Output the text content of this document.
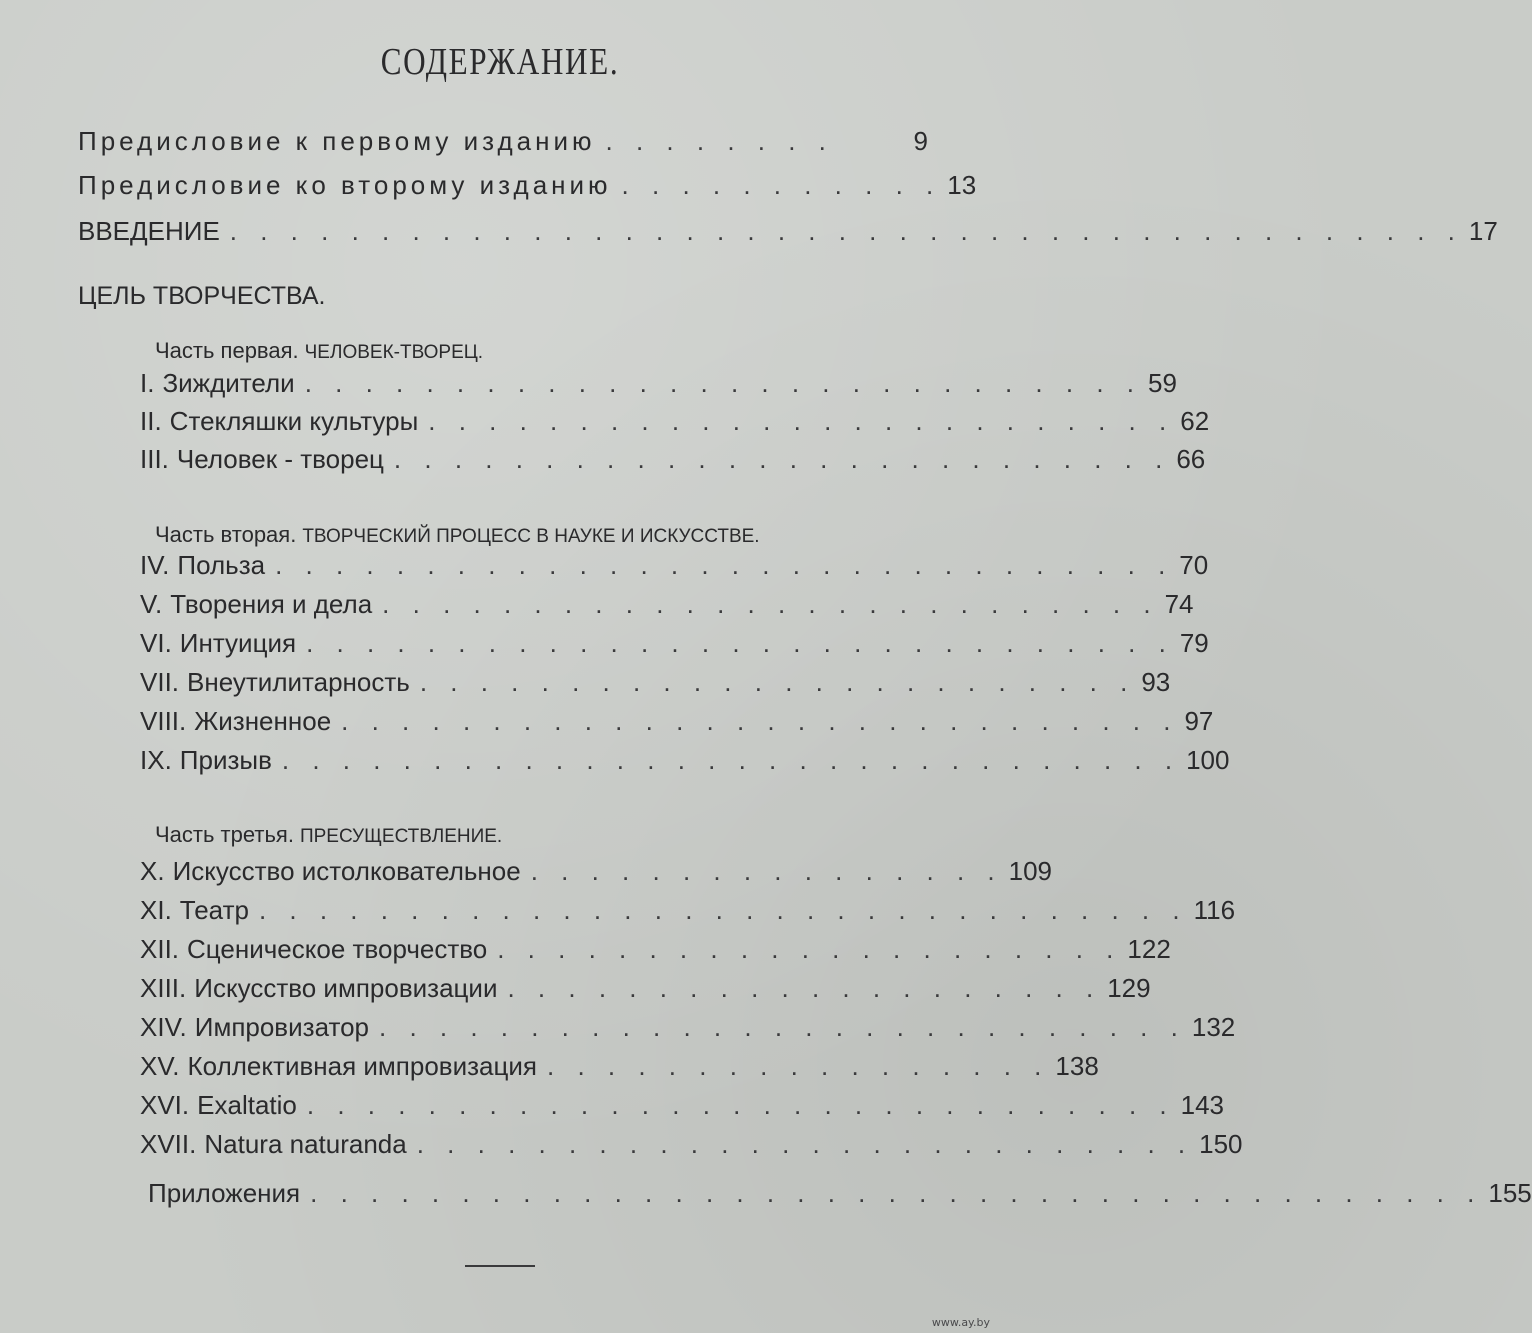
СОДЕРЖАНИЕ.
Предисловие к первому изданию . . . . . . . .	9
Предисловие ко второму изданию . . . . . . . . . . . 13
ВВЕДЕНИЕ . . . . . . . . . . . . . . . . . . . . . . . . . . . . . . . . . . . . . . . . . 17
ЦЕЛЬ ТВОРЧЕСТВА.
Часть первая. ЧЕЛОВЕК-ТВОРЕЦ.
I. Зиждители . . . . . . . . . . . . . . . . . . . . . . . . . . . . 59
II. Стекляшки культуры . . . . . . . . . . . . . . . . . . . . . . . . . 62
III. Человек - творец . . . . . . . . . . . . . . . . . . . . . . . . . . 66
Часть вторая. ТВОРЧЕСКИЙ ПРОЦЕСС В НАУКЕ И ИСКУССТВЕ.
IV. Польза . . . . . . . . . . . . . . . . . . . . . . . . . . . . . . 70
V. Творения и дела . . . . . . . . . . . . . . . . . . . . . . . . . . 74
VI. Интуиция . . . . . . . . . . . . . . . . . . . . . . . . . . . . . 79
VII. Внеутилитарность . . . . . . . . . . . . . . . . . . . . . . . . 93
VIII. Жизненное . . . . . . . . . . . . . . . . . . . . . . . . . . . . 97
IX. Призыв . . . . . . . . . . . . . . . . . . . . . . . . . . . . . . 100
Часть третья. ПРЕСУЩЕСТВЛЕНИЕ.
X. Искусство истолковательное . . . . . . . . . . . . . . . . 109
XI. Театр . . . . . . . . . . . . . . . . . . . . . . . . . . . . . . . 116
XII. Сценическое творчество . . . . . . . . . . . . . . . . . . . . . 122
XIII. Искусство импровизации . . . . . . . . . . . . . . . . . . . . 129
XIV. Импровизатор . . . . . . . . . . . . . . . . . . . . . . . . . . . 132
XV. Коллективная импровизация . . . . . . . . . . . . . . . . . 138
XVI. Exaltatio . . . . . . . . . . . . . . . . . . . . . . . . . . . . . 143
XVII. Natura naturanda . . . . . . . . . . . . . . . . . . . . . . . . . . 150
Приложения . . . . . . . . . . . . . . . . . . . . . . . . . . . . . . . . . . . . . . . 155
www.ay.by
